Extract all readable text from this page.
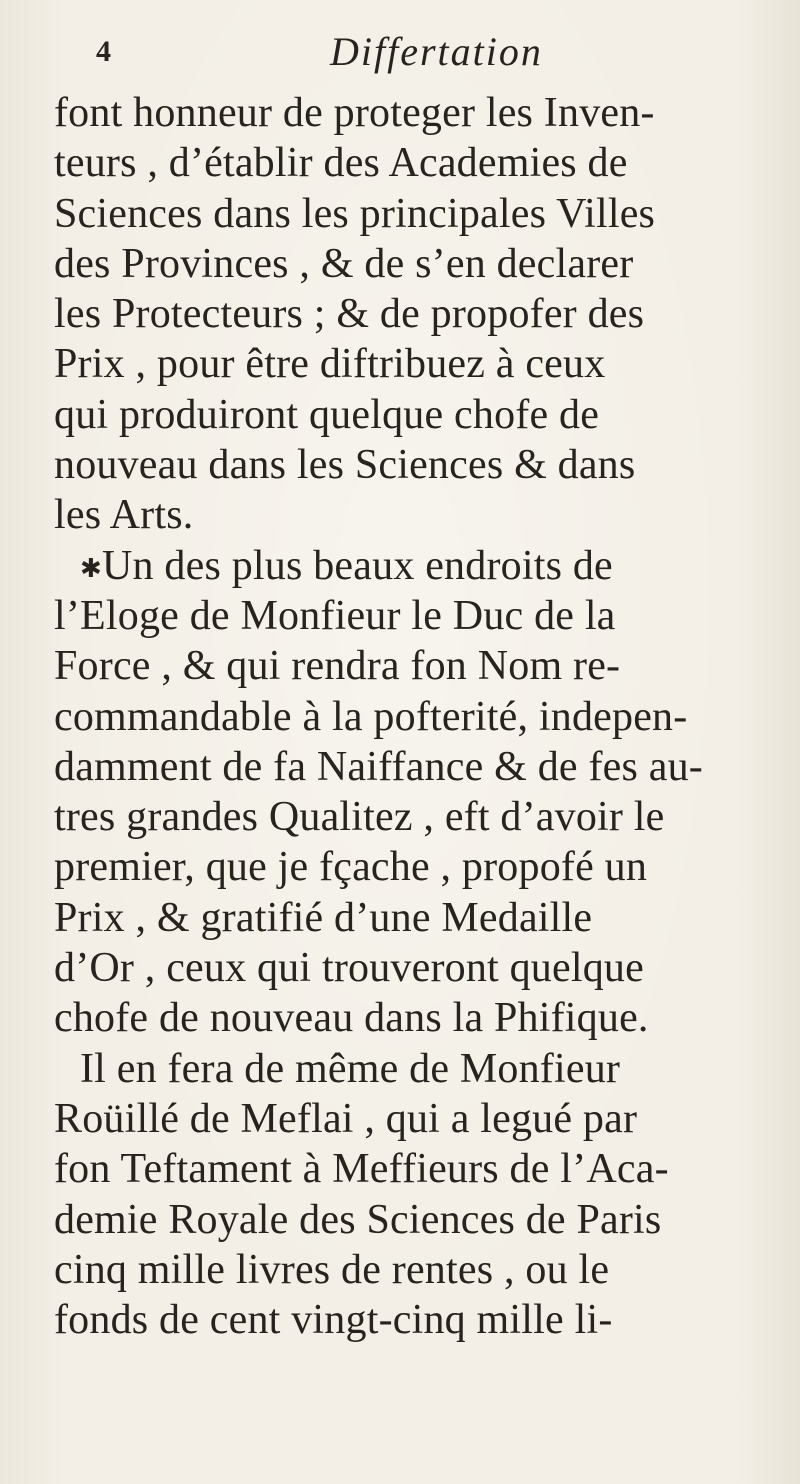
4	Differtation
font honneur de proteger les Inven-
teurs , d’établir des Academies de
Sciences dans les principales Villes
des Provinces , & de s’en declarer
les Protecteurs ; & de propofer des
Prix , pour être diftribuez à ceux
qui produiront quelque chofe de
nouveau dans les Sciences & dans
les Arts.
✱Un des plus beaux endroits de
l’Eloge de Monfieur le Duc de la
Force , & qui rendra fon Nom re-
commandable à la pofterité, indepen-
damment de fa Naiffance & de fes au-
tres grandes Qualitez , eft d’avoir le
premier, que je fçache , propofé un
Prix , & gratifié d’une Medaille
d’Or , ceux qui trouveront quelque
chofe de nouveau dans la Phifique.
Il en fera de même de Monfieur
Roüillé de Meflai , qui a legué par
fon Teftament à Meffieurs de l’Aca-
demie Royale des Sciences de Paris
cinq mille livres de rentes , ou le
fonds de cent vingt-cinq mille li-
